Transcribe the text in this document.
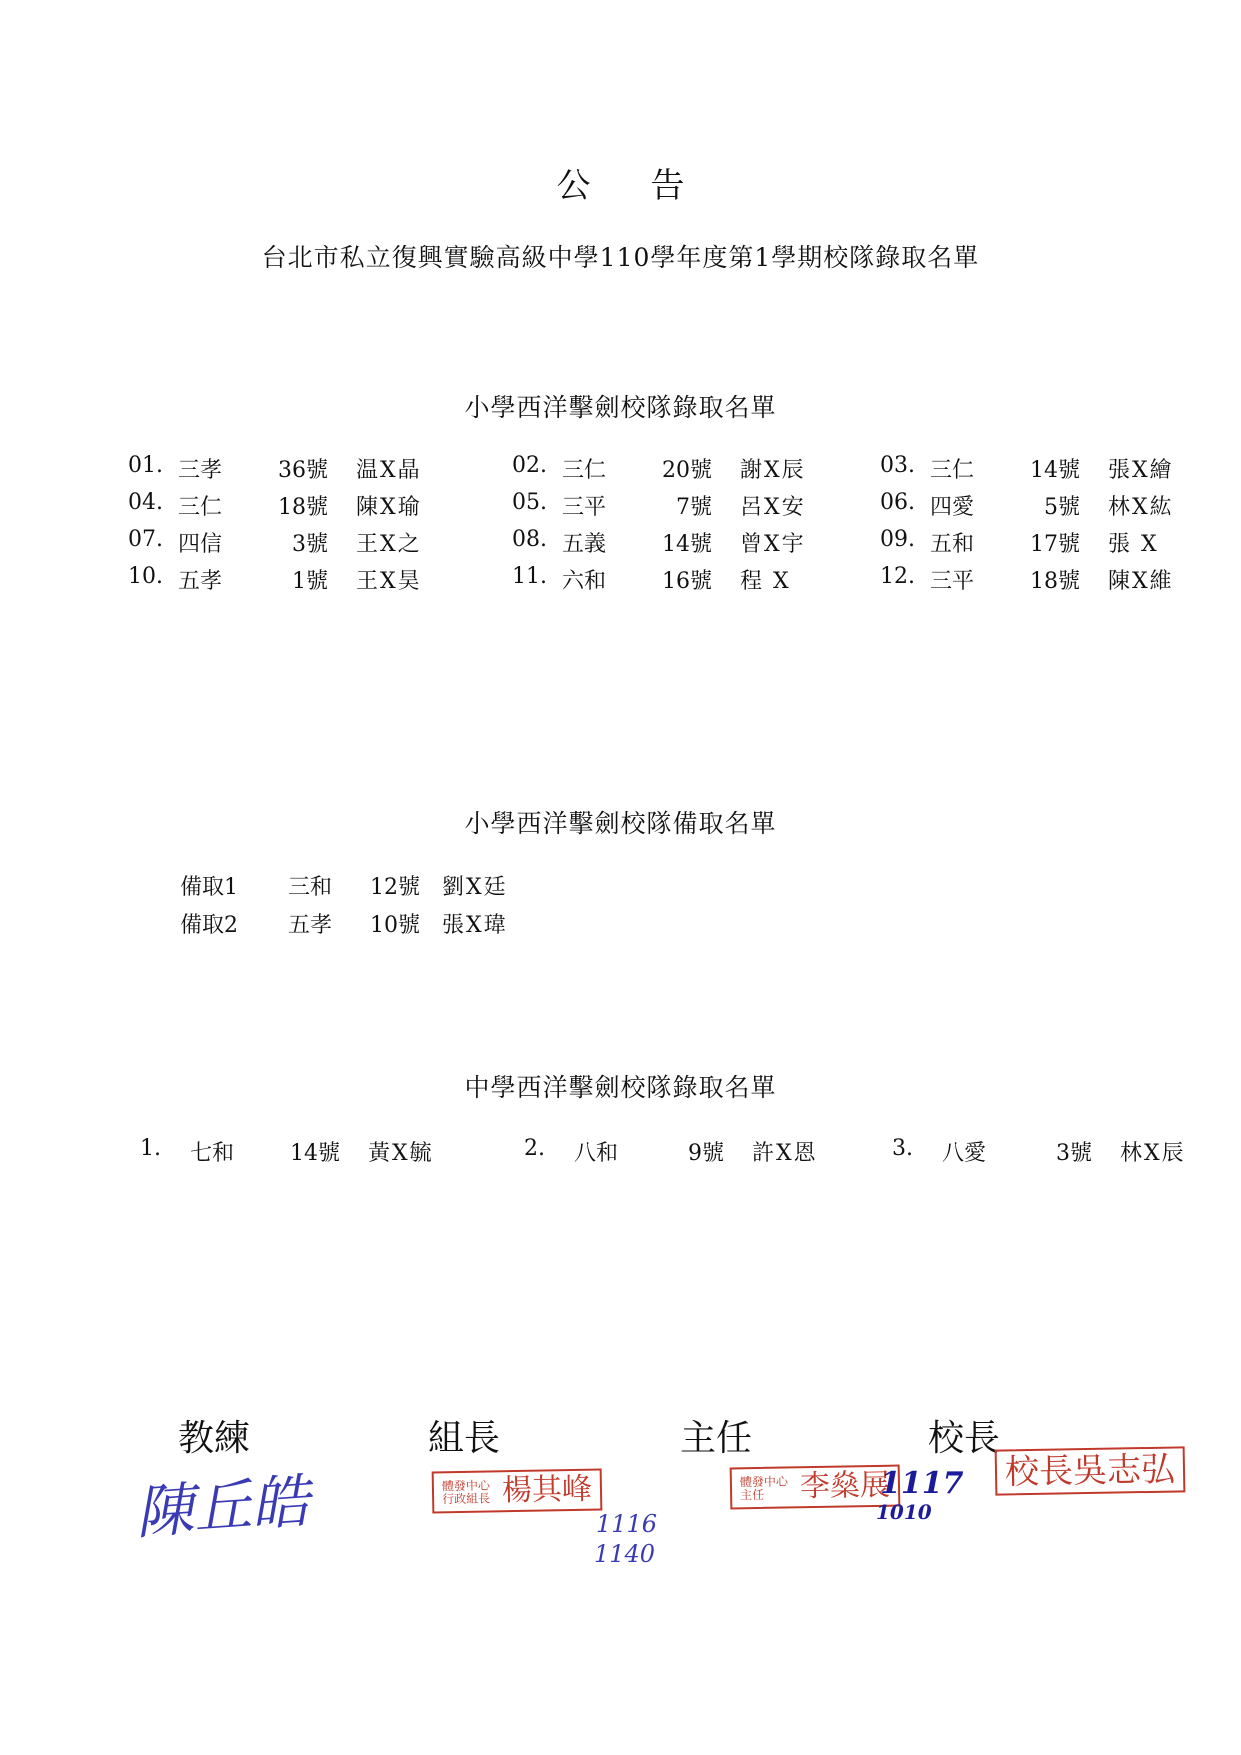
公告
台北市私立復興實驗高級中學110學年度第1學期校隊錄取名單
小學西洋擊劍校隊錄取名單
01. 三孝	36號 温X晶	02. 三仁	20號 謝X辰	03. 三仁	14號 張X繪
04. 三仁	18號 陳X瑜	05. 三平	7號 呂X安	06. 四愛	5號 林X紘
07. 四信	3號 王X之	08. 五義	14號 曾X宇	09. 五和	17號 張 X
10. 五孝	1號 王X昊	11. 六和	16號 程 X	12. 三平	18號 陳X維
小學西洋擊劍校隊備取名單
備取1 三和	12號 劉X廷
備取2 五孝	10號 張X瑋
中學西洋擊劍校隊錄取名單
1. 七和	14號 黃X毓	2. 八和	9號 許X恩	3. 八愛	3號 林X辰
教練	組長	主任	校長
陳丘皓	體發中心行政組長 楊其峰
1116
1140
體發中心主任 李燊展
1117
1010
校長吳志弘
